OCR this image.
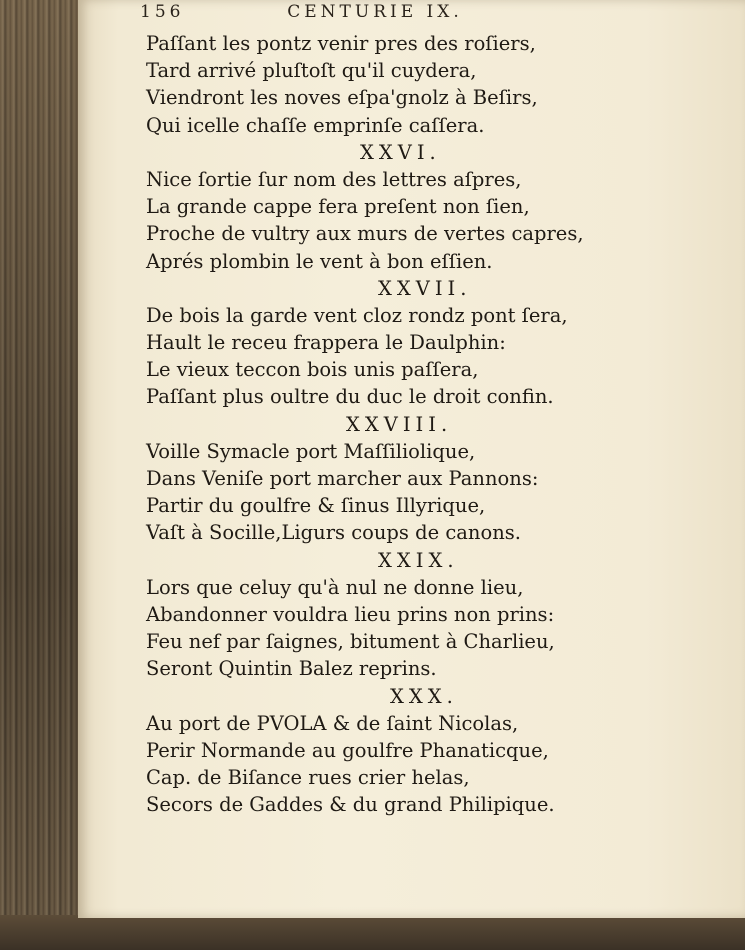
156	CENTURIE IX.
Paſſant les pontz venir pres des roſiers,
Tard arrivé pluſtoſt qu'il cuydera,
Viendront les noves eſpa'gnolz à Beſirs,
Qui icelle chaſſe emprinſe caſſera.
XXVI.
Nice ſortie ſur nom des lettres aſpres,
La grande cappe fera preſent non ſien,
Proche de vultry aux murs de vertes capres,
Aprés plombin le vent à bon eſſien.
XXVII.
De bois la garde vent cloz rondz pont ſera,
Hault le receu frappera le Daulphin:
Le vieux teccon bois unis paſſera,
Paſſant plus oultre du duc le droit confin.
XXVIII.
Voille Symacle port Maſſiliolique,
Dans Veniſe port marcher aux Pannons:
Partir du goulfre & ſinus Illyrique,
Vaſt à Socille,Ligurs coups de canons.
XXIX.
Lors que celuy qu'à nul ne donne lieu,
Abandonner vouldra lieu prins non prins:
Feu nef par ſaignes, bitument à Charlieu,
Seront Quintin Balez reprins.
XXX.
Au port de PVOLA & de ſaint Nicolas,
Perir Normande au goulfre Phanaticque,
Cap. de Biſance rues crier helas,
Secors de Gaddes & du grand Philipique.
